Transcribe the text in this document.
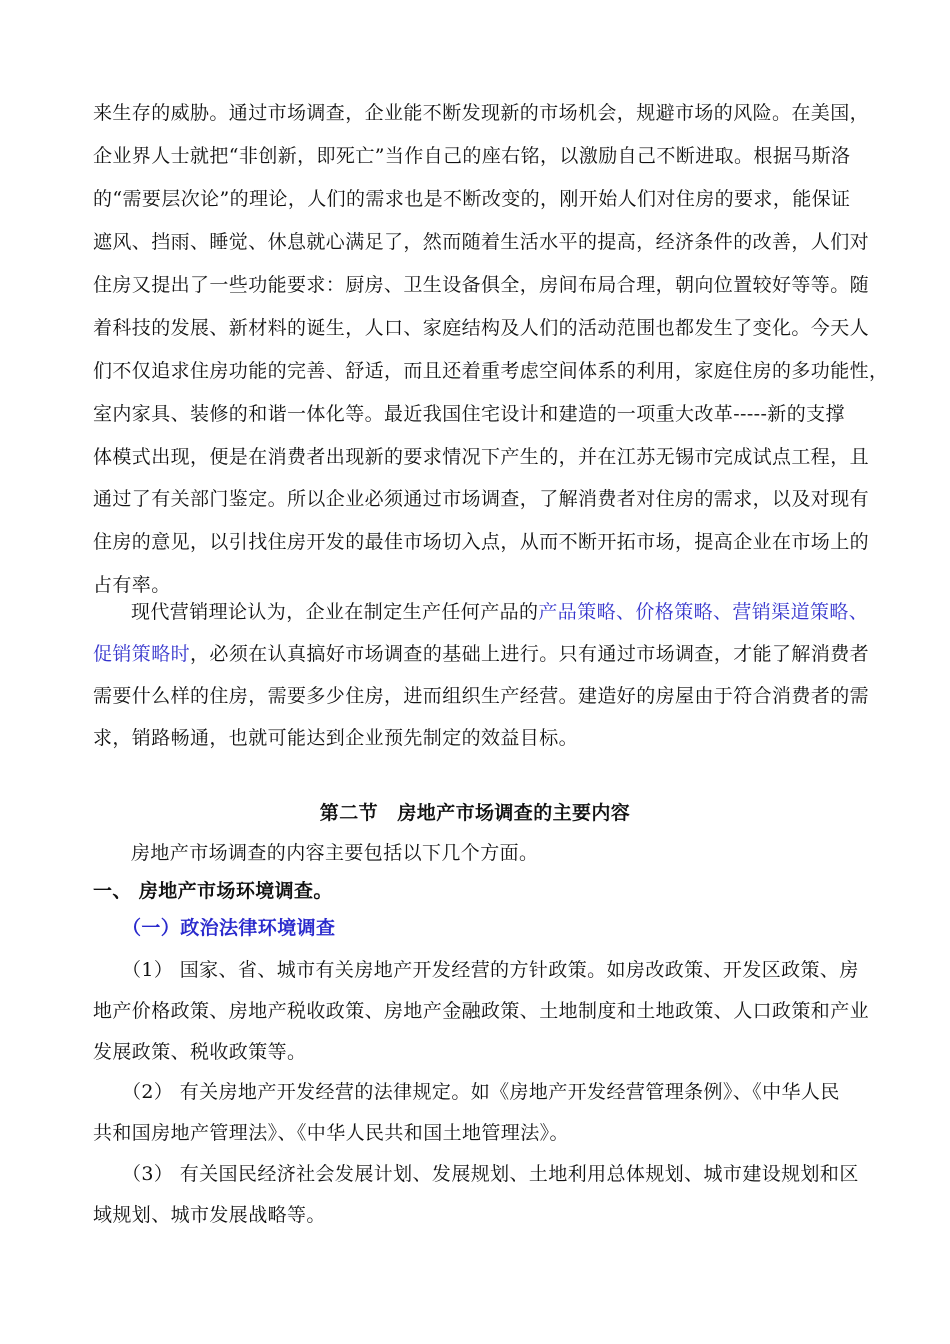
来生存的威胁。通过市场调查，企业能不断发现新的市场机会，规避市场的风险。在美国，
企业界人士就把“非创新，即死亡”当作自己的座右铭，以激励自己不断进取。根据马斯洛
的“需要层次论”的理论，人们的需求也是不断改变的，刚开始人们对住房的要求，能保证
遮风、挡雨、睡觉、休息就心满足了，然而随着生活水平的提高，经济条件的改善，人们对
住房又提出了一些功能要求：厨房、卫生设备俱全，房间布局合理，朝向位置较好等等。随
着科技的发展、新材料的诞生，人口、家庭结构及人们的活动范围也都发生了变化。今天人
们不仅追求住房功能的完善、舒适，而且还着重考虑空间体系的利用，家庭住房的多功能性，
室内家具、装修的和谐一体化等。最近我国住宅设计和建造的一项重大改革-----新的支撑
体模式出现，便是在消费者出现新的要求情况下产生的，并在江苏无锡市完成试点工程，且
通过了有关部门鉴定。所以企业必须通过市场调查，了解消费者对住房的需求，以及对现有
住房的意见，以引找住房开发的最佳市场切入点，从而不断开拓市场，提高企业在市场上的
占有率。
现代营销理论认为，企业在制定生产任何产品的产品策略、价格策略、营销渠道策略、
促销策略时，必须在认真搞好市场调查的基础上进行。只有通过市场调查，才能了解消费者
需要什么样的住房，需要多少住房，进而组织生产经营。建造好的房屋由于符合消费者的需
求，销路畅通，也就可能达到企业预先制定的效益目标。
第二节　房地产市场调查的主要内容
房地产市场调查的内容主要包括以下几个方面。
一、 房地产市场环境调查。
（一）政治法律环境调查
（1） 国家、省、城市有关房地产开发经营的方针政策。如房改政策、开发区政策、房
地产价格政策、房地产税收政策、房地产金融政策、土地制度和土地政策、人口政策和产业
发展政策、税收政策等。
（2） 有关房地产开发经营的法律规定。如《房地产开发经营管理条例》、《中华人民
共和国房地产管理法》、《中华人民共和国土地管理法》。
（3） 有关国民经济社会发展计划、发展规划、土地利用总体规划、城市建设规划和区
域规划、城市发展战略等。
